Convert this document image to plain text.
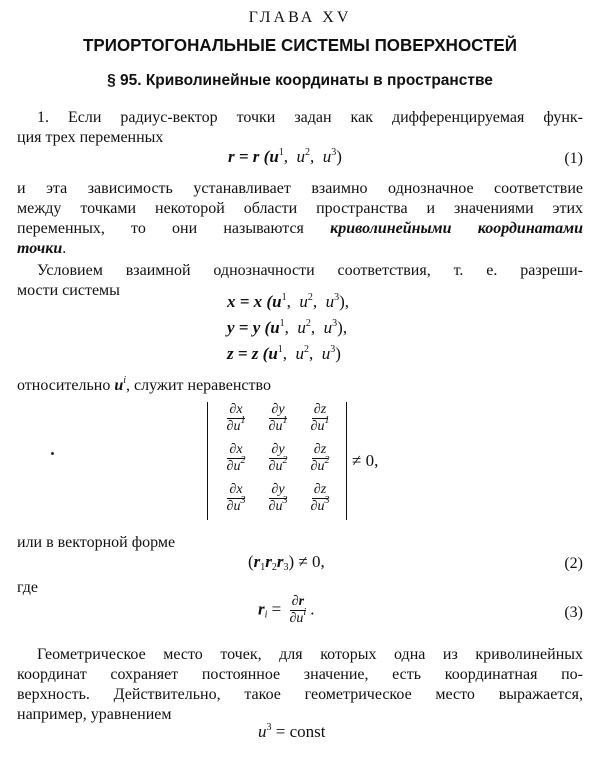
ГЛАВА XV
ТРИОРТОГОНАЛЬНЫЕ СИСТЕМЫ ПОВЕРХНОСТЕЙ
§ 95. Криволинейные координаты в пространстве
1. Если радиус-вектор точки задан как дифференцируемая функ-
ция трех переменных
r = r ($u^1$,  $u^2$,  $u^3$)	(1)
и эта зависимость устанавливает взаимно однозначное соответствие
между точками некоторой области пространства и значениями этих
переменных, то они называются криволинейными координатами
точки.
Условием взаимной однозначности соответствия, т. е. разреши-
мости системы
x = x ($u^1$,  $u^2$,  $u^3$),
y = y ($u^1$,  $u^2$,  $u^3$),
z = z ($u^1$,  $u^2$,  $u^3$)
относительно $u^i$, служит неравенство
$\frac{\partial x}{\partial u^1} \frac{\partial y}{\partial u^1} \frac{\partial z}{\partial u^1}$
$\frac{\partial x}{\partial u^2} \frac{\partial y}{\partial u^2} \frac{\partial z}{\partial u^2}$
$\frac{\partial x}{\partial u^3} \frac{\partial y}{\partial u^3} \frac{\partial z}{\partial u^3}$
≠ 0,
или в векторной форме
$(r_1r_2r_3) \ne 0$,	(2)
где
$r_i = \frac{\partial r}{\partial u^i}$ .	(3)
Геометрическое место точек, для которых одна из криволинейных
координат сохраняет постоянное значение, есть координатная по-
верхность. Действительно, такое геометрическое место выражается,
например, уравнением
$u^3$ = const
